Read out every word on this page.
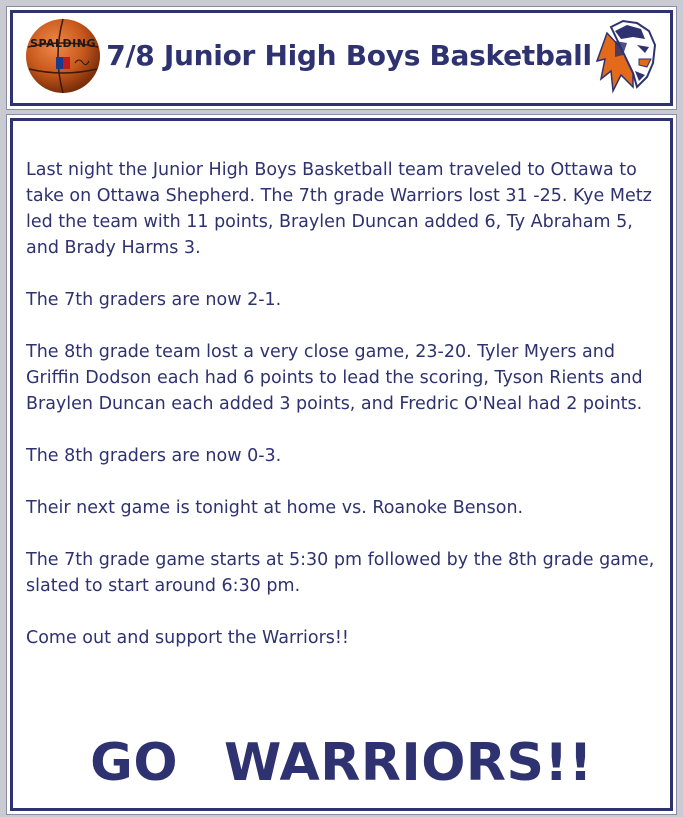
SPALDING 7/8 Junior High Boys Basketball

Last night the Junior High Boys Basketball team traveled to Ottawa to take on Ottawa Shepherd. The 7th grade Warriors lost 31 -25. Kye Metz led the team with 11 points, Braylen Duncan added 6, Ty Abraham 5, and Brady Harms 3.

The 7th graders are now 2-1.

The 8th grade team lost a very close game, 23-20. Tyler Myers and Griffin Dodson each had 6 points to lead the scoring, Tyson Rients and Braylen Duncan each added 3 points, and Fredric O'Neal had 2 points.

The 8th graders are now 0-3.

Their next game is tonight at home vs. Roanoke Benson.

The 7th grade game starts at 5:30 pm followed by the 8th grade game, slated to start around 6:30 pm.

Come out and support the Warriors!!

GO WARRIORS!!
